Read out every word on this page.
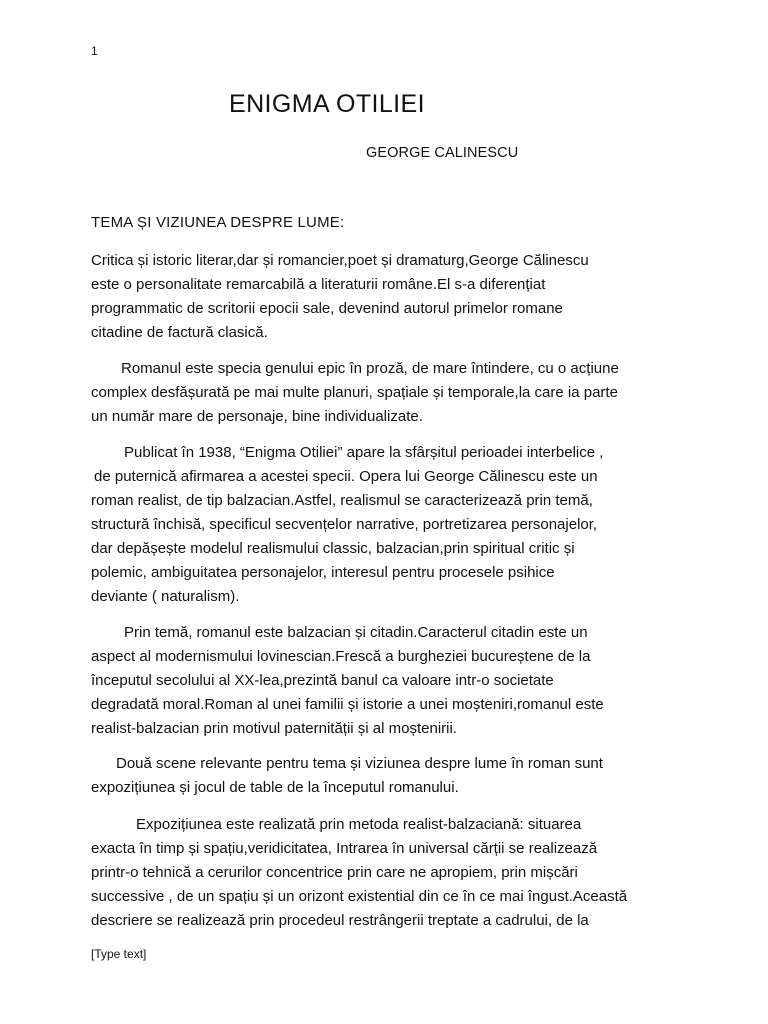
1
ENIGMA OTILIEI
GEORGE CALINESCU
TEMA ȘI VIZIUNEA DESPRE LUME:

Critica și istoric literar,dar și romancier,poet și dramaturg,George Călinescu
este o personalitate remarcabilă a literaturii române.El s-a diferențiat
programmatic de scritorii epocii sale, devenind autorul primelor romane
citadine de factură clasică.

Romanul este specia genului epic în proză, de mare întindere, cu o acțiune
complex desfășurată pe mai multe planuri, spațiale și temporale,la care ia parte
un număr mare de personaje, bine individualizate.

Publicat în 1938, “Enigma Otiliei” apare la sfârșitul perioadei interbelice ,
de puternică afirmarea a acestei specii. Opera lui George Călinescu este un
roman realist, de tip balzacian.Astfel, realismul se caracterizează prin temă,
structură închisă, specificul secvențelor narrative, portretizarea personajelor,
dar depășește modelul realismului classic, balzacian,prin spiritual critic și
polemic, ambiguitatea personajelor, interesul pentru procesele psihice
deviante ( naturalism).

Prin temă, romanul este balzacian și citadin.Caracterul citadin este un
aspect al modernismului lovinescian.Frescă a burgheziei bucureștene de la
începutul secolului al XX-lea,prezintă banul ca valoare intr-o societate
degradată moral.Roman al unei familii și istorie a unei moșteniri,romanul este
realist-balzacian prin motivul paternității și al moștenirii.

Două scene relevante pentru tema și viziunea despre lume în roman sunt
expozițiunea și jocul de table de la începutul romanului.

Expozițiunea este realizată prin metoda realist-balzaciană: situarea
exacta în timp și spațiu,veridicitatea, Intrarea în universal cărții se realizează
printr-o tehnică a cerurilor concentrice prin care ne apropiem, prin mișcări
successive , de un spațiu și un orizont existential din ce în ce mai îngust.Această
descriere se realizează prin procedeul restrângerii treptate a cadrului, de la

[Type text]
